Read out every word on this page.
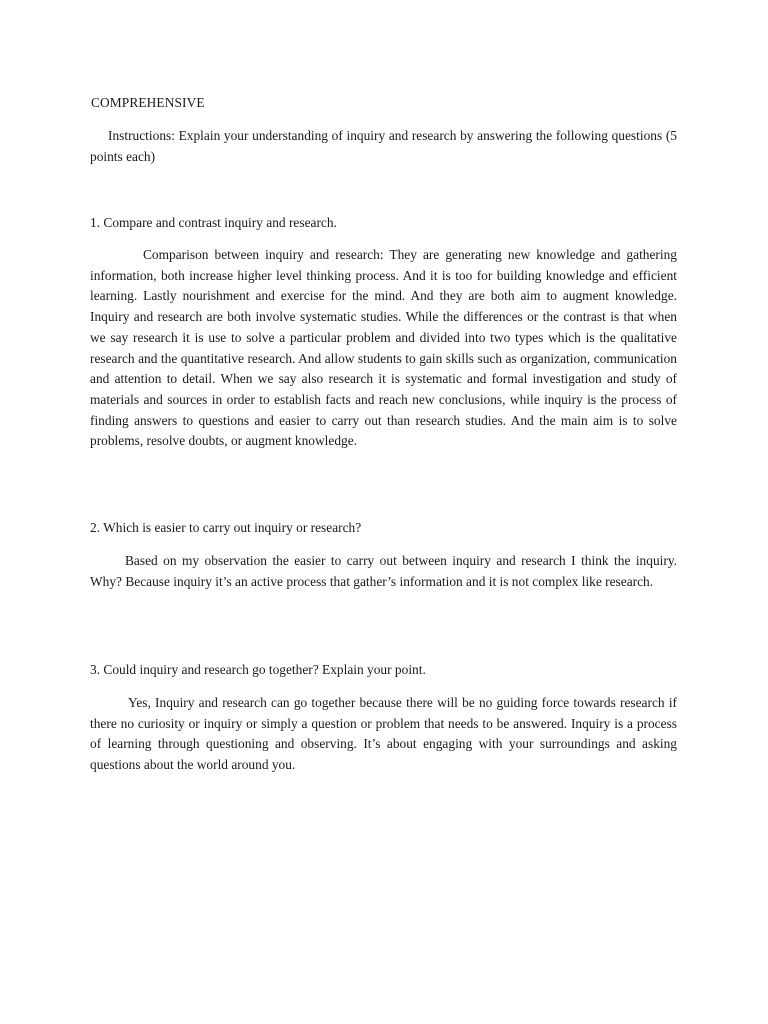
COMPREHENSIVE

Instructions: Explain your understanding of inquiry and research by answering the following questions (5 points each)

1. Compare and contrast inquiry and research.

Comparison between inquiry and research: They are generating new knowledge and gathering information, both increase higher level thinking process. And it is too for building knowledge and efficient learning. Lastly nourishment and exercise for the mind. And they are both aim to augment knowledge. Inquiry and research are both involve systematic studies. While the differences or the contrast is that when we say research it is use to solve a particular problem and divided into two types which is the qualitative research and the quantitative research. And allow students to gain skills such as organization, communication and attention to detail. When we say also research it is systematic and formal investigation and study of materials and sources in order to establish facts and reach new conclusions, while inquiry is the process of finding answers to questions and easier to carry out than research studies. And the main aim is to solve problems, resolve doubts, or augment knowledge.

2. Which is easier to carry out inquiry or research?

Based on my observation the easier to carry out between inquiry and research I think the inquiry. Why? Because inquiry it’s an active process that gather’s information and it is not complex like research.

3. Could inquiry and research go together? Explain your point.

Yes, Inquiry and research can go together because there will be no guiding force towards research if there no curiosity or inquiry or simply a question or problem that needs to be answered. Inquiry is a process of learning through questioning and observing. It’s about engaging with your surroundings and asking questions about the world around you.
